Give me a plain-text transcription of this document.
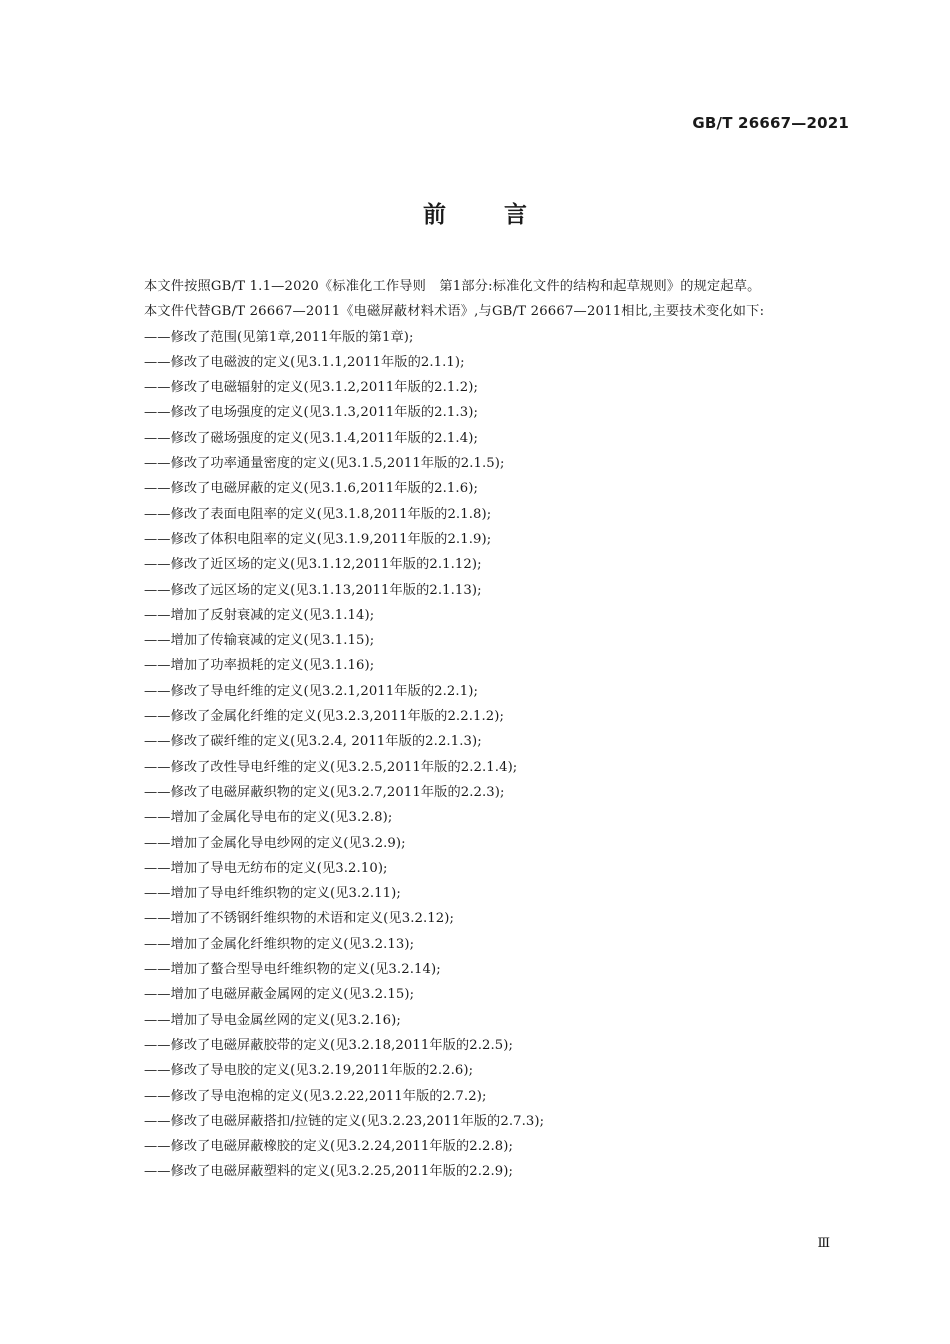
GB/T 26667—2021
前言

本文件按照GB/T 1.1—2020《标准化工作导则　第1部分:标准化文件的结构和起草规则》的规定起草。

本文件代替GB/T 26667—2011《电磁屏蔽材料术语》,与GB/T 26667—2011相比,主要技术变化如下:

——修改了范围(见第1章,2011年版的第1章);
——修改了电磁波的定义(见3.1.1,2011年版的2.1.1);
——修改了电磁辐射的定义(见3.1.2,2011年版的2.1.2);
——修改了电场强度的定义(见3.1.3,2011年版的2.1.3);
——修改了磁场强度的定义(见3.1.4,2011年版的2.1.4);
——修改了功率通量密度的定义(见3.1.5,2011年版的2.1.5);
——修改了电磁屏蔽的定义(见3.1.6,2011年版的2.1.6);
——修改了表面电阻率的定义(见3.1.8,2011年版的2.1.8);
——修改了体积电阻率的定义(见3.1.9,2011年版的2.1.9);
——修改了近区场的定义(见3.1.12,2011年版的2.1.12);
——修改了远区场的定义(见3.1.13,2011年版的2.1.13);
——增加了反射衰减的定义(见3.1.14);
——增加了传输衰减的定义(见3.1.15);
——增加了功率损耗的定义(见3.1.16);
——修改了导电纤维的定义(见3.2.1,2011年版的2.2.1);
——修改了金属化纤维的定义(见3.2.3,2011年版的2.2.1.2);
——修改了碳纤维的定义(见3.2.4, 2011年版的2.2.1.3);
——修改了改性导电纤维的定义(见3.2.5,2011年版的2.2.1.4);
——修改了电磁屏蔽织物的定义(见3.2.7,2011年版的2.2.3);
——增加了金属化导电布的定义(见3.2.8);
——增加了金属化导电纱网的定义(见3.2.9);
——增加了导电无纺布的定义(见3.2.10);
——增加了导电纤维织物的定义(见3.2.11);
——增加了不锈钢纤维织物的术语和定义(见3.2.12);
——增加了金属化纤维织物的定义(见3.2.13);
——增加了螯合型导电纤维织物的定义(见3.2.14);
——增加了电磁屏蔽金属网的定义(见3.2.15);
——增加了导电金属丝网的定义(见3.2.16);
——修改了电磁屏蔽胶带的定义(见3.2.18,2011年版的2.2.5);
——修改了导电胶的定义(见3.2.19,2011年版的2.2.6);
——修改了导电泡棉的定义(见3.2.22,2011年版的2.7.2);
——修改了电磁屏蔽搭扣/拉链的定义(见3.2.23,2011年版的2.7.3);
——修改了电磁屏蔽橡胶的定义(见3.2.24,2011年版的2.2.8);
——修改了电磁屏蔽塑料的定义(见3.2.25,2011年版的2.2.9);
Ⅲ
